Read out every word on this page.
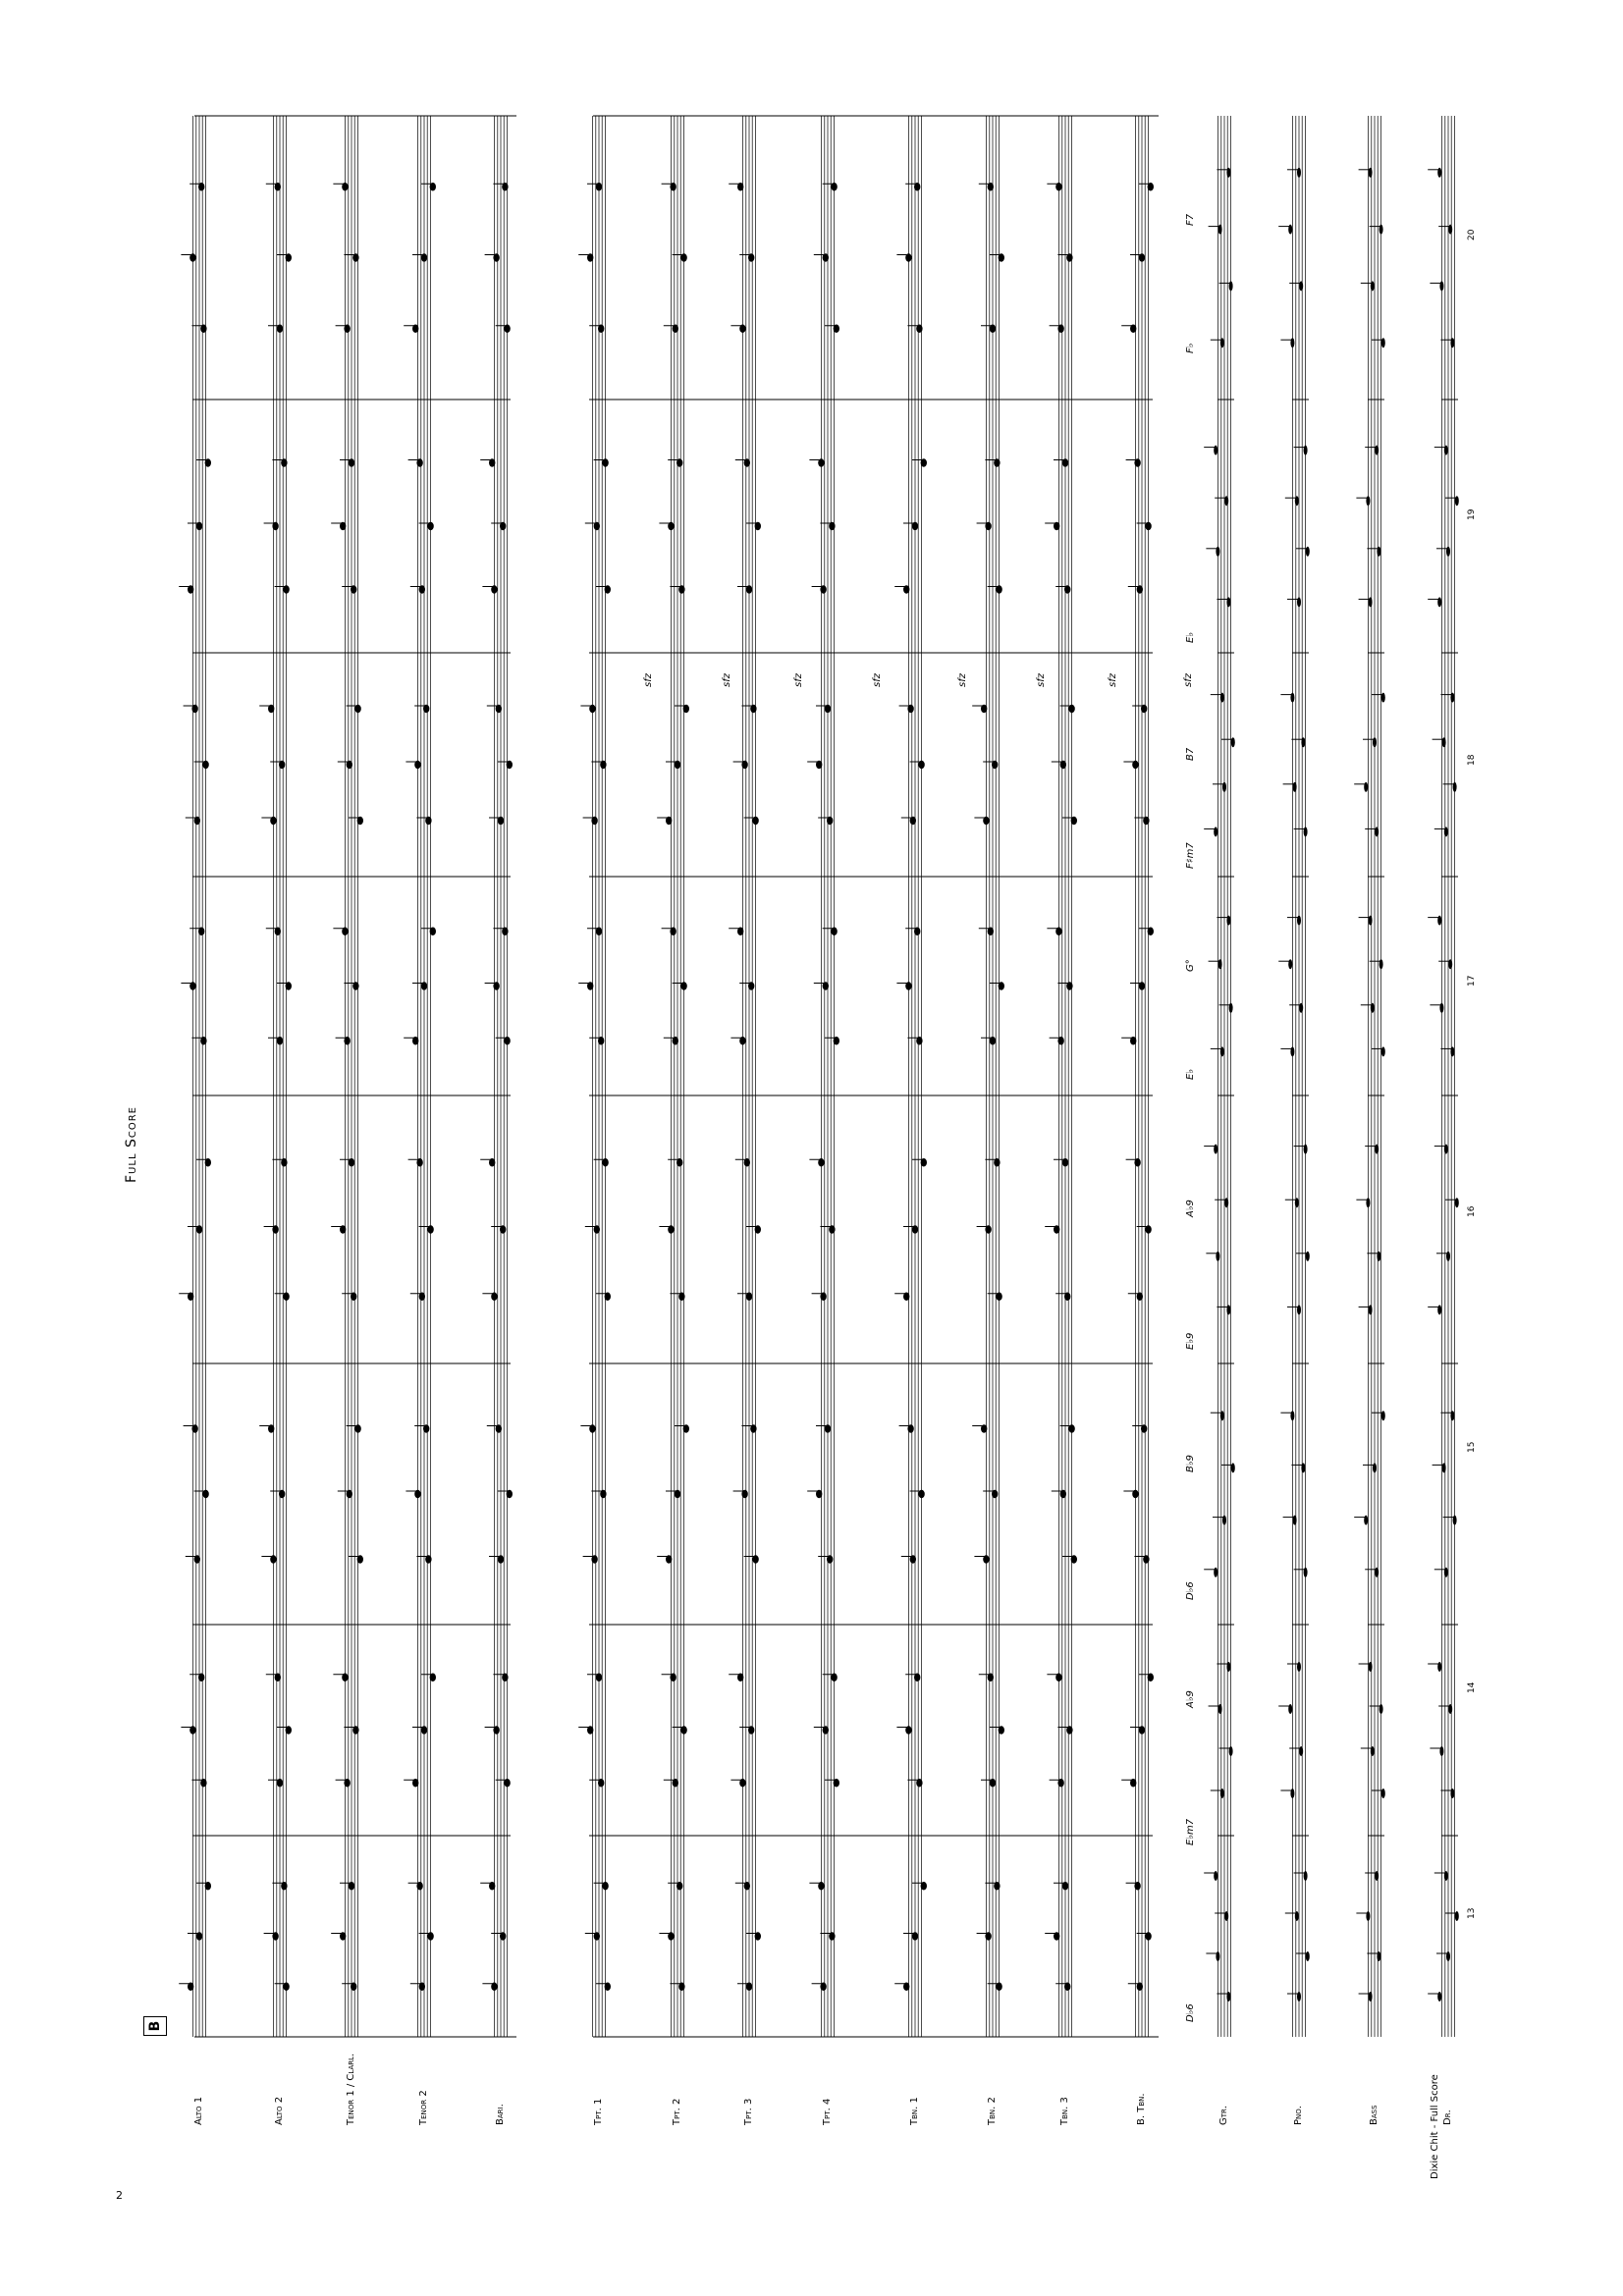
2
Full Score
B
Dixie Chit - Full Score
Alto 1	Alto 2	Tenor 1 / Clarl.	Tenor 2	Bari.	Tpt. 1	Tpt. 2	Tpt. 3	Tpt. 4	Tbn. 1	Tbn. 2	Tbn. 3	B. Tbn.	Gtr.	Pno.	Bass	Dr.
D♭6
E♭m7
A♭9
D♭6
B♭9
E♭9
A♭9
E♭
G°
F♯m7
B7
E♭
F♭
F7
13
14
15
16
17
18
19
20
sfz	sfz	sfz	sfz	sfz	sfz	sfz	sfz
